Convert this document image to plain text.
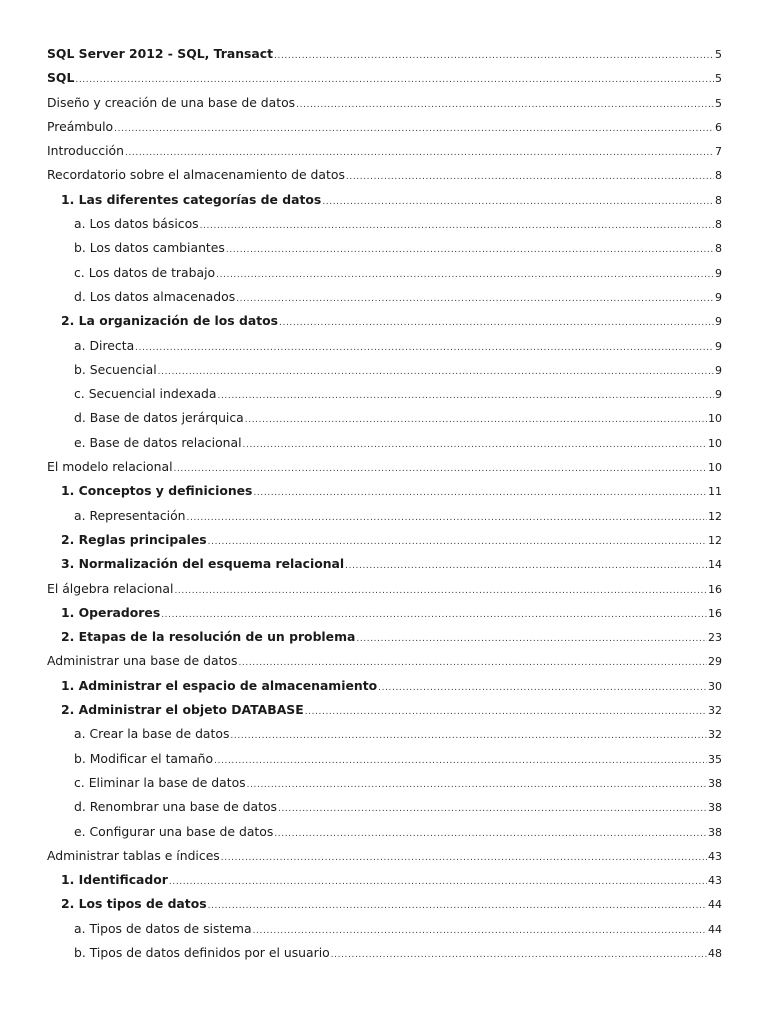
SQL Server 2012 - SQL, Transact .....	5
SQL .....	5
Diseño y creación de una base de datos .....	5
Preámbulo .....	6
Introducción .....	7
Recordatorio sobre el almacenamiento de datos .....	8
1. Las diferentes categorías de datos .....	8
a. Los datos básicos .....	8
b. Los datos cambiantes .....	8
c. Los datos de trabajo .....	9
d. Los datos almacenados .....	9
2. La organización de los datos .....	9
a. Directa .....	9
b. Secuencial .....	9
c. Secuencial indexada .....	9
d. Base de datos jerárquica .....	10
e. Base de datos relacional .....	10
El modelo relacional .....	10
1. Conceptos y definiciones .....	11
a. Representación .....	12
2. Reglas principales .....	12
3. Normalización del esquema relacional .....	14
El álgebra relacional .....	16
1. Operadores .....	16
2. Etapas de la resolución de un problema .....	23
Administrar una base de datos .....	29
1. Administrar el espacio de almacenamiento .....	30
2. Administrar el objeto DATABASE .....	32
a. Crear la base de datos .....	32
b. Modificar el tamaño .....	35
c. Eliminar la base de datos .....	38
d. Renombrar una base de datos .....	38
e. Configurar una base de datos .....	38
Administrar tablas e índices .....	43
1. Identificador .....	43
2. Los tipos de datos .....	44
a. Tipos de datos de sistema .....	44
b. Tipos de datos definidos por el usuario .....	48
